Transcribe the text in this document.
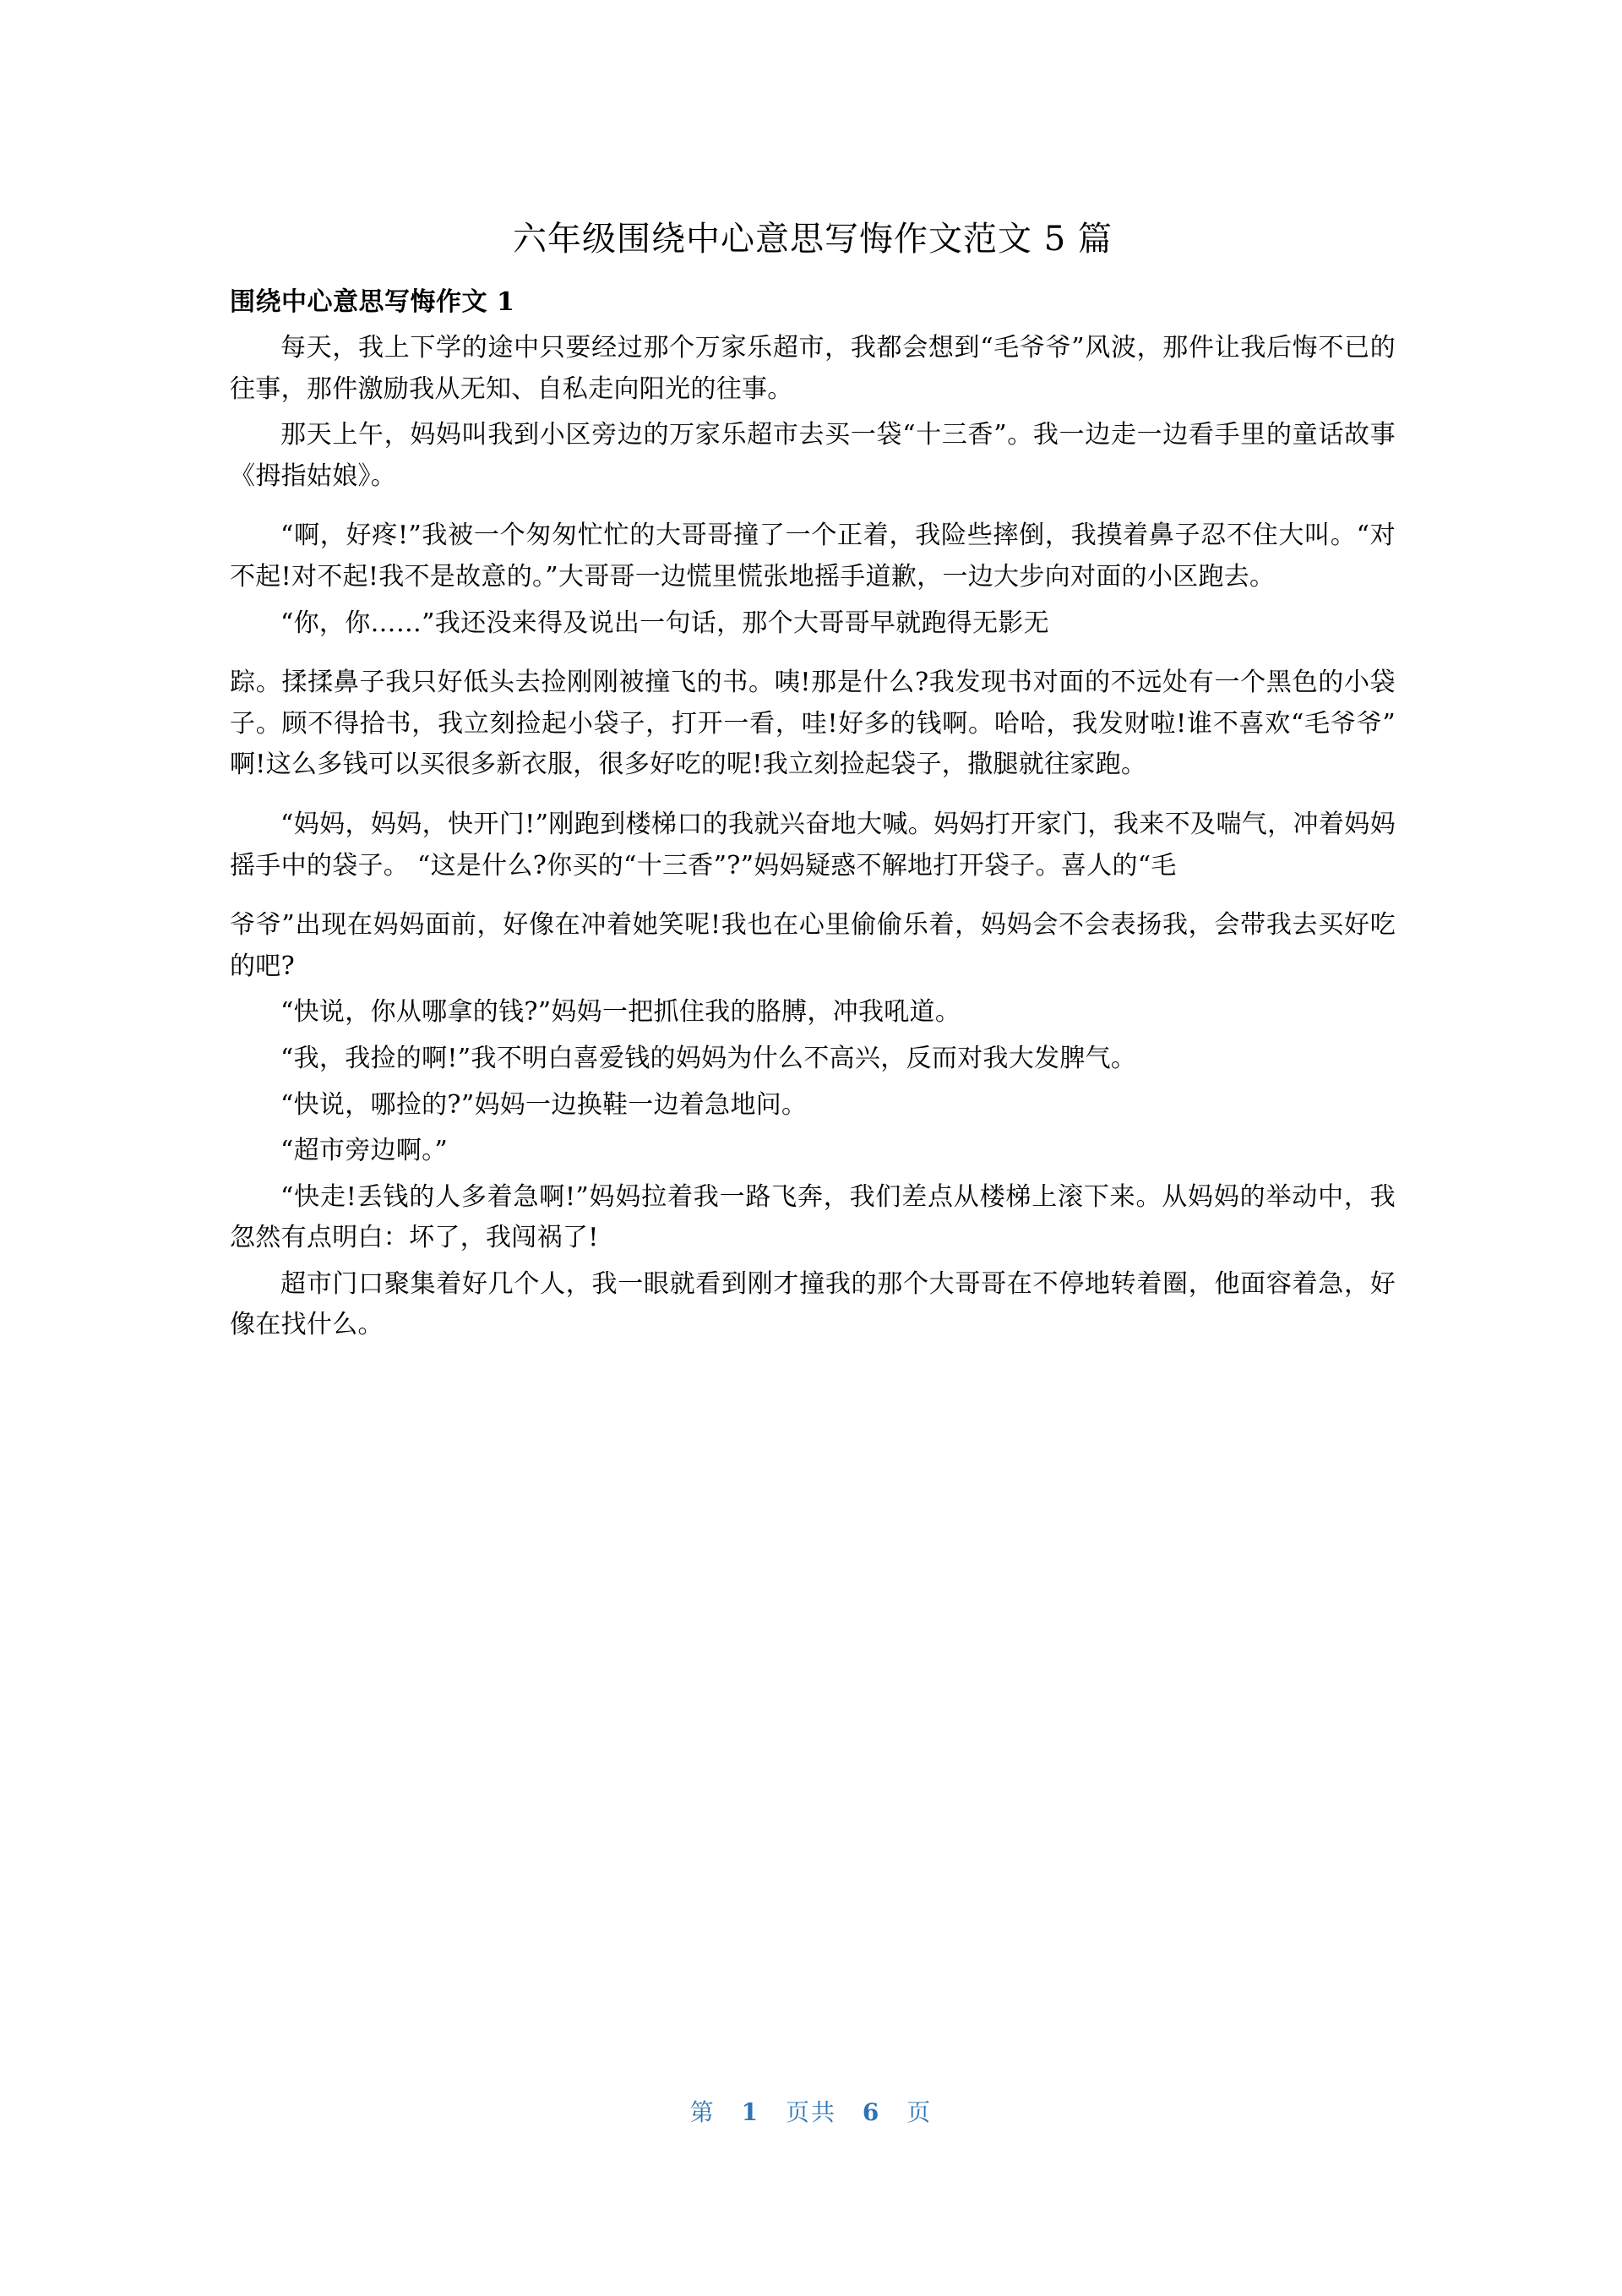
六年级围绕中心意思写悔作文范文 5 篇
围绕中心意思写悔作文 1

每天，我上下学的途中只要经过那个万家乐超市，我都会想到“毛爷爷”风波，那件让我后悔不已的往事，那件激励我从无知、自私走向阳光的往事。

那天上午，妈妈叫我到小区旁边的万家乐超市去买一袋“十三香”。我一边走一边看手里的童话故事《拇指姑娘》。

“啊，好疼!”我被一个匆匆忙忙的大哥哥撞了一个正着，我险些摔倒，我摸着鼻子忍不住大叫。“对不起!对不起!我不是故意的。”大哥哥一边慌里慌张地摇手道歉，一边大步向对面的小区跑去。

“你，你……”我还没来得及说出一句话，那个大哥哥早就跑得无影无

踪。揉揉鼻子我只好低头去捡刚刚被撞飞的书。咦!那是什么?我发现书对面的不远处有一个黑色的小袋子。顾不得拾书，我立刻捡起小袋子，打开一看，哇!好多的钱啊。哈哈，我发财啦!谁不喜欢“毛爷爷”啊!这么多钱可以买很多新衣服，很多好吃的呢!我立刻捡起袋子，撒腿就往家跑。

“妈妈，妈妈，快开门!”刚跑到楼梯口的我就兴奋地大喊。妈妈打开家门，我来不及喘气，冲着妈妈摇手中的袋子。 “这是什么?你买的“十三香”?”妈妈疑惑不解地打开袋子。喜人的“毛

爷爷”出现在妈妈面前，好像在冲着她笑呢!我也在心里偷偷乐着，妈妈会不会表扬我，会带我去买好吃的吧?

“快说，你从哪拿的钱?”妈妈一把抓住我的胳膊，冲我吼道。

“我，我捡的啊!”我不明白喜爱钱的妈妈为什么不高兴，反而对我大发脾气。

“快说，哪捡的?”妈妈一边换鞋一边着急地问。

“超市旁边啊。”

“快走!丢钱的人多着急啊!”妈妈拉着我一路飞奔，我们差点从楼梯上滚下来。从妈妈的举动中，我忽然有点明白：坏了，我闯祸了!

超市门口聚集着好几个人，我一眼就看到刚才撞我的那个大哥哥在不停地转着圈，他面容着急，好像在找什么。

第 1 页共 6 页
